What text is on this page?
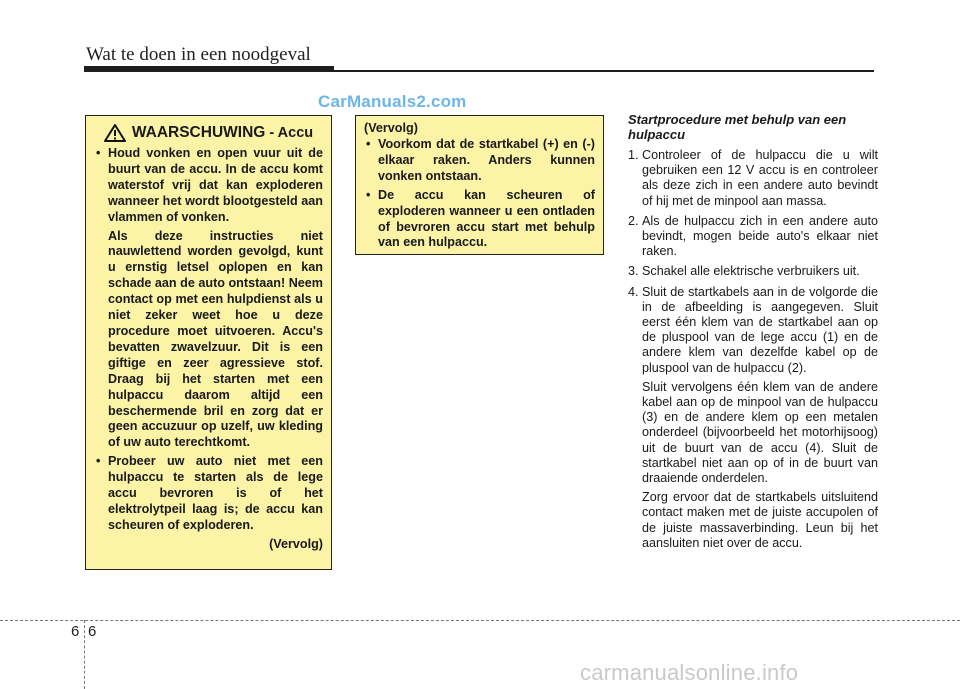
Wat te doen in een noodgeval
CarManuals2.com
WAARSCHUWING - Accu
• Houd vonken en open vuur uit de buurt van de accu. In de accu komt waterstof vrij dat kan exploderen wanneer het wordt blootgesteld aan vlammen of vonken.
Als deze instructies niet nauwlettend worden gevolgd, kunt u ernstig letsel oplopen en kan schade aan de auto ontstaan! Neem contact op met een hulpdienst als u niet zeker weet hoe u deze procedure moet uitvoeren. Accu's bevatten zwavelzuur. Dit is een giftige en zeer agressieve stof. Draag bij het starten met een hulpaccu daarom altijd een beschermende bril en zorg dat er geen accuzuur op uzelf, uw kleding of uw auto terechtkomt.
• Probeer uw auto niet met een hulpaccu te starten als de lege accu bevroren is of het elektrolytpeil laag is; de accu kan scheuren of exploderen.
(Vervolg)
(Vervolg)
• Voorkom dat de startkabel (+) en (-) elkaar raken. Anders kunnen vonken ontstaan.
• De accu kan scheuren of exploderen wanneer u een ontladen of bevroren accu start met behulp van een hulpaccu.
Startprocedure met behulp van een hulpaccu
1. Controleer of de hulpaccu die u wilt gebruiken een 12 V accu is en controleer als deze zich in een andere auto bevindt of hij met de minpool aan massa.

2. Als de hulpaccu zich in een andere auto bevindt, mogen beide auto's elkaar niet raken.

3. Schakel alle elektrische verbruikers uit.

4. Sluit de startkabels aan in de volgorde die in de afbeelding is aangegeven. Sluit eerst één klem van de startkabel aan op de pluspool van de lege accu (1) en de andere klem van dezelfde kabel op de pluspool van de hulpaccu (2).

Sluit vervolgens één klem van de andere kabel aan op de minpool van de hulpaccu (3) en de andere klem op een metalen onderdeel (bijvoorbeeld het motorhijsoog) uit de buurt van de accu (4). Sluit de startkabel niet aan op of in de buurt van draaiende onderdelen.

Zorg ervoor dat de startkabels uitsluitend contact maken met de juiste accupolen of de juiste massaverbinding. Leun bij het aansluiten niet over de accu.

6 6
carmanualsonline.info
